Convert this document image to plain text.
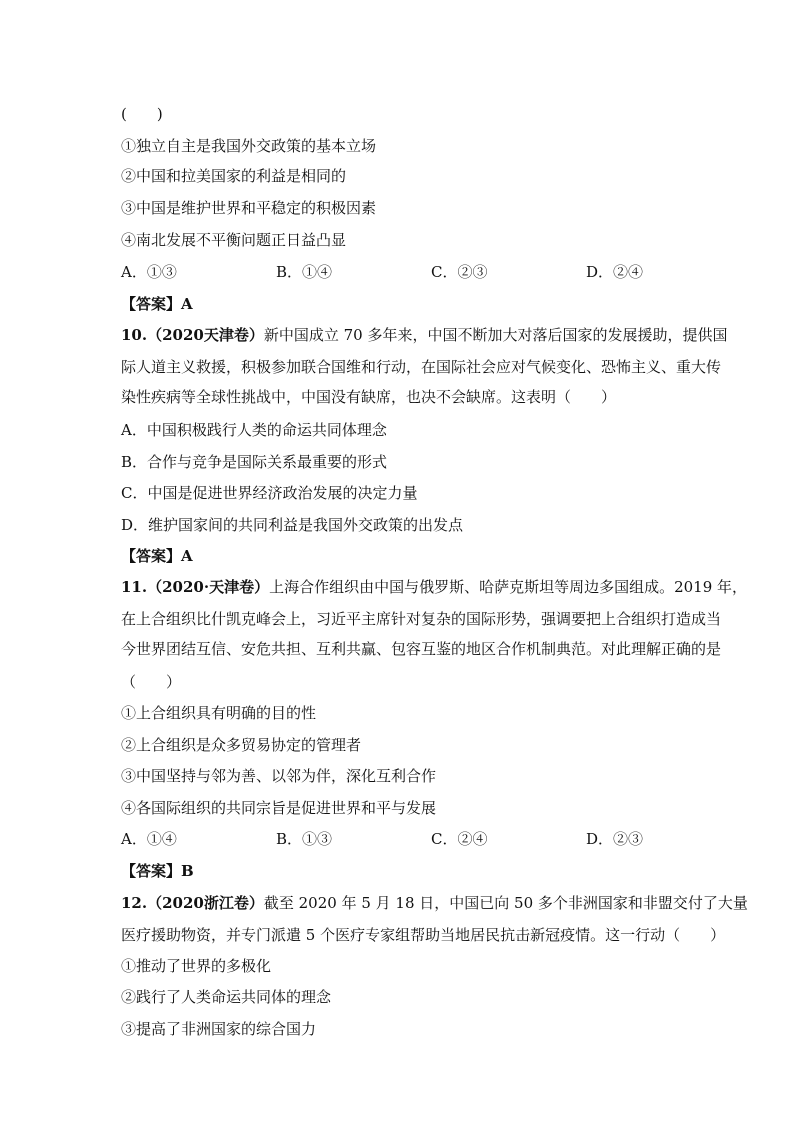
(　　)
①独立自主是我国外交政策的基本立场
②中国和拉美国家的利益是相同的
③中国是维护世界和平稳定的积极因素
④南北发展不平衡问题正日益凸显
A．①③	B．①④	C．②③	D．②④
【答案】A
10.（2020天津卷）新中国成立 70 多年来，中国不断加大对落后国家的发展援助，提供国
际人道主义救援，积极参加联合国维和行动，在国际社会应对气候变化、恐怖主义、重大传
染性疾病等全球性挑战中，中国没有缺席，也决不会缺席。这表明（　　）
A．中国积极践行人类的命运共同体理念
B．合作与竞争是国际关系最重要的形式
C．中国是促进世界经济政治发展的决定力量
D．维护国家间的共同利益是我国外交政策的出发点
【答案】A
11.（2020·天津卷）上海合作组织由中国与俄罗斯、哈萨克斯坦等周边多国组成。2019 年，
在上合组织比什凯克峰会上，习近平主席针对复杂的国际形势，强调要把上合组织打造成当
今世界团结互信、安危共担、互利共赢、包容互鉴的地区合作机制典范。对此理解正确的是
（　　）
①上合组织具有明确的目的性
②上合组织是众多贸易协定的管理者
③中国坚持与邻为善、以邻为伴，深化互利合作
④各国际组织的共同宗旨是促进世界和平与发展
A．①④	B．①③	C．②④	D．②③
【答案】B
12.（2020浙江卷）截至 2020 年 5 月 18 日，中国已向 50 多个非洲国家和非盟交付了大量
医疗援助物资，并专门派遣 5 个医疗专家组帮助当地居民抗击新冠疫情。这一行动（　　）
①推动了世界的多极化
②践行了人类命运共同体的理念
③提高了非洲国家的综合国力
